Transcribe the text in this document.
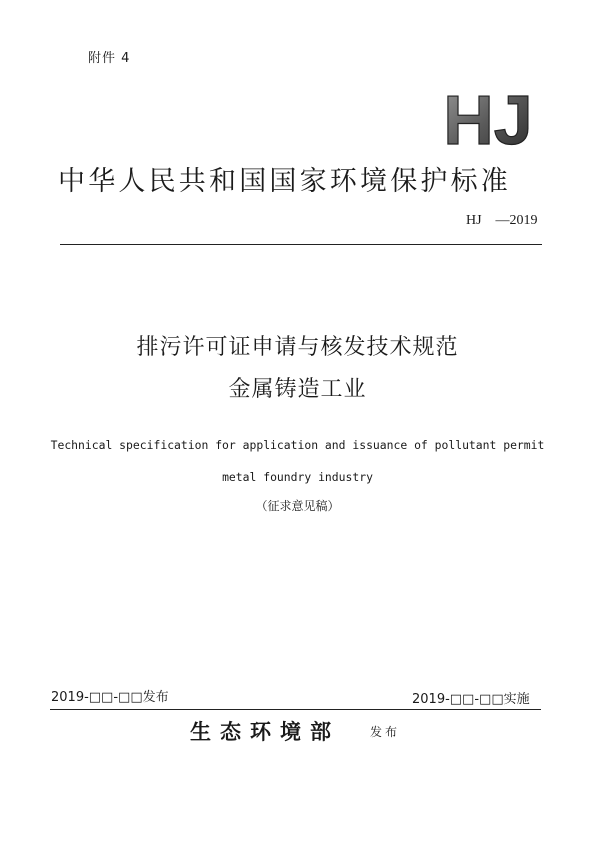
附件 4
HJ
中华人民共和国国家环境保护标准
HJ    —2019
排污许可证申请与核发技术规范
金属铸造工业
Technical specification for application and issuance of pollutant permit
metal foundry industry
（征求意见稿）
2019-□□-□□发布	2019-□□-□□实施
生态环境部	发布
